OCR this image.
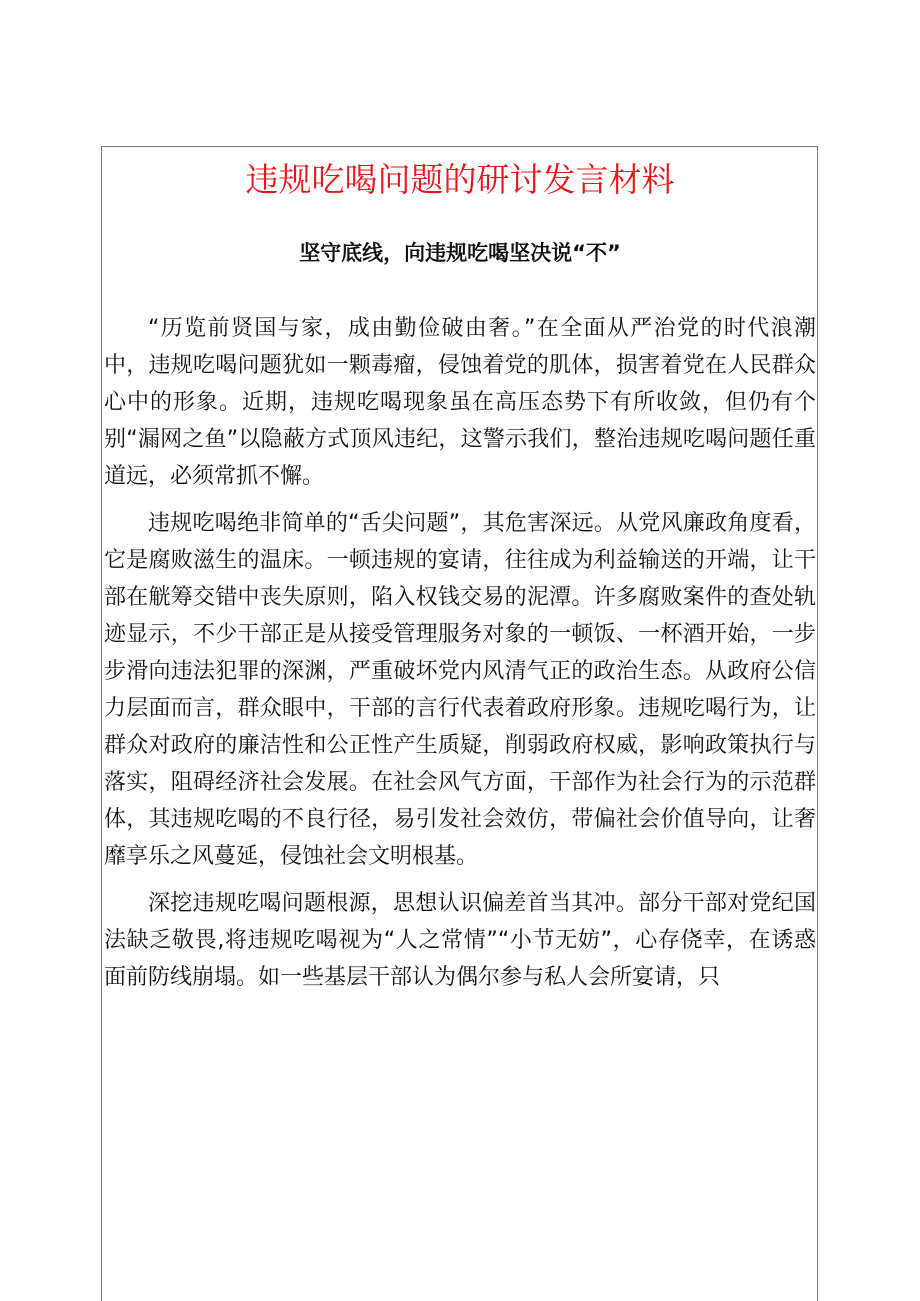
违规吃喝问题的研讨发言材料
坚守底线，向违规吃喝坚决说“不”

“历览前贤国与家，成由勤俭破由奢。”在全面从严治党的时代浪潮中，违规吃喝问题犹如一颗毒瘤，侵蚀着党的肌体，损害着党在人民群众心中的形象。近期，违规吃喝现象虽在高压态势下有所收敛，但仍有个别“漏网之鱼”以隐蔽方式顶风违纪，这警示我们，整治违规吃喝问题任重道远，必须常抓不懈。

违规吃喝绝非简单的“舌尖问题”，其危害深远。从党风廉政角度看，它是腐败滋生的温床。一顿违规的宴请，往往成为利益输送的开端，让干部在觥筹交错中丧失原则，陷入权钱交易的泥潭。许多腐败案件的查处轨迹显示，不少干部正是从接受管理服务对象的一顿饭、一杯酒开始，一步步滑向违法犯罪的深渊，严重破坏党内风清气正的政治生态。从政府公信力层面而言，群众眼中，干部的言行代表着政府形象。违规吃喝行为，让群众对政府的廉洁性和公正性产生质疑，削弱政府权威，影响政策执行与落实，阻碍经济社会发展。在社会风气方面，干部作为社会行为的示范群体，其违规吃喝的不良行径，易引发社会效仿，带偏社会价值导向，让奢靡享乐之风蔓延，侵蚀社会文明根基。

深挖违规吃喝问题根源，思想认识偏差首当其冲。部分干部对党纪国法缺乏敬畏,将违规吃喝视为“人之常情”“小节无妨”，心存侥幸，在诱惑面前防线崩塌。如一些基层干部认为偶尔参与私人会所宴请，只
